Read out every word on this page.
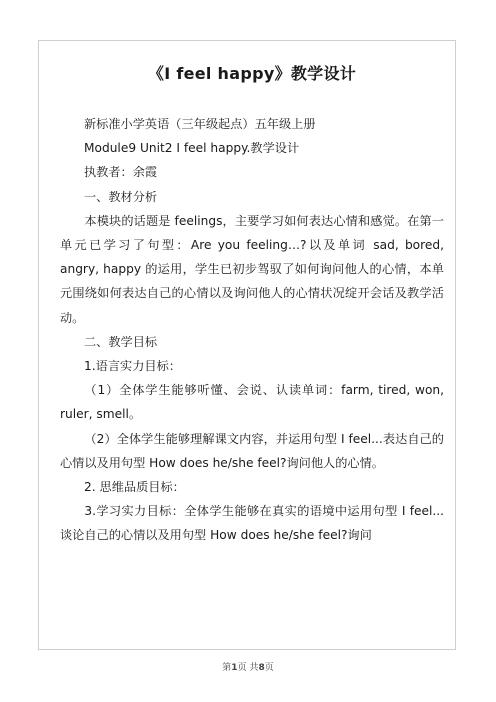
《I feel happy》教学设计

新标准小学英语（三年级起点）五年级上册

Module9 Unit2 I feel happy.教学设计

执教者：余霞

一、教材分析

本模块的话题是 feelings，主要学习如何表达心情和感觉。在第一单元已学习了句型：Are you feeling…?以及单词 sad, bored, angry, happy 的运用，学生已初步驾驭了如何询问他人的心情，本单元围绕如何表达自己的心情以及询问他人的心情状况绽开会话及教学活动。

二、教学目标

1.语言实力目标：

（1）全体学生能够听懂、会说、认读单词：farm, tired, won, ruler, smell。

（2）全体学生能够理解课文内容，并运用句型 I feel...表达自己的心情以及用句型 How does he/she feel?询问他人的心情。

2. 思维品质目标：

3.学习实力目标：全体学生能够在真实的语境中运用句型 I feel...谈论自己的心情以及用句型 How does he/she feel?询问

第1页 共8页
